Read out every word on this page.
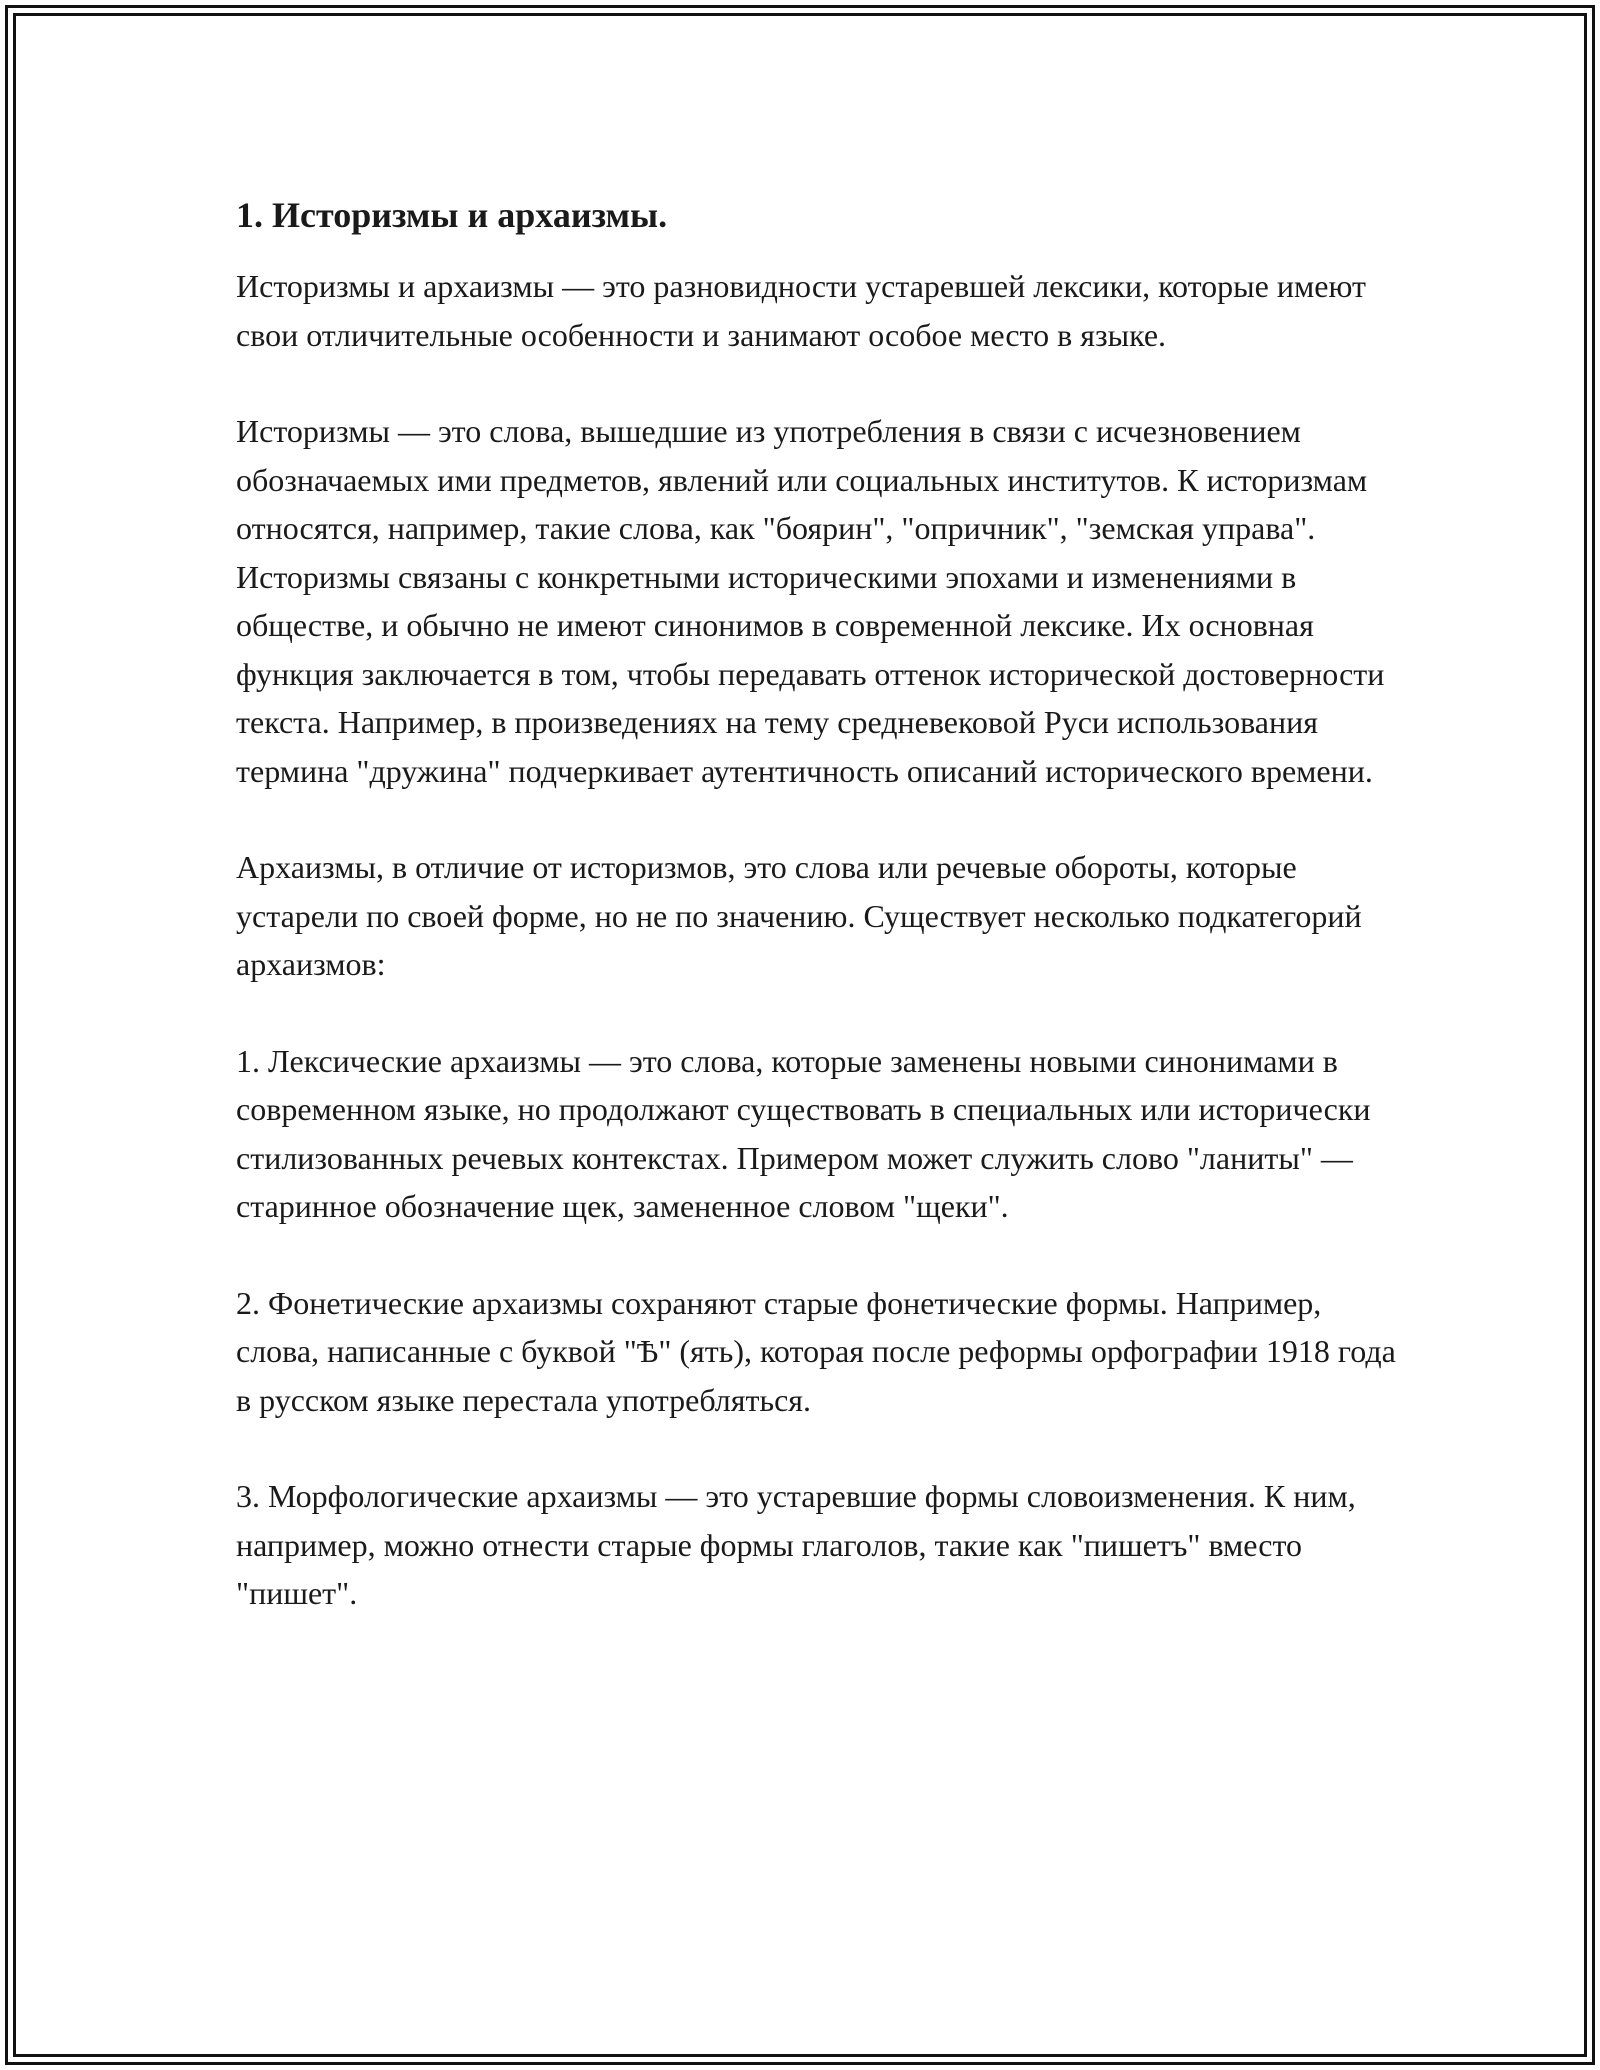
1. Историзмы и архаизмы.

Историзмы и архаизмы — это разновидности устаревшей лексики, которые имеют свои отличительные особенности и занимают особое место в языке.

Историзмы — это слова, вышедшие из употребления в связи с исчезновением обозначаемых ими предметов, явлений или социальных институтов. К историзмам относятся, например, такие слова, как "боярин", "опричник", "земская управа". Историзмы связаны с конкретными историческими эпохами и изменениями в обществе, и обычно не имеют синонимов в современной лексике. Их основная функция заключается в том, чтобы передавать оттенок исторической достоверности текста. Например, в произведениях на тему средневековой Руси использования термина "дружина" подчеркивает аутентичность описаний исторического времени.

Архаизмы, в отличие от историзмов, это слова или речевые обороты, которые устарели по своей форме, но не по значению. Существует несколько подкатегорий архаизмов:

1. Лексические архаизмы — это слова, которые заменены новыми синонимами в современном языке, но продолжают существовать в специальных или исторически стилизованных речевых контекстах. Примером может служить слово "ланиты" — старинное обозначение щек, замененное словом "щеки".

2. Фонетические архаизмы сохраняют старые фонетические формы. Например, слова, написанные с буквой "Ѣ" (ять), которая после реформы орфографии 1918 года в русском языке перестала употребляться.

3. Морфологические архаизмы — это устаревшие формы словоизменения. К ним, например, можно отнести старые формы глаголов, такие как "пишетъ" вместо "пишет".
